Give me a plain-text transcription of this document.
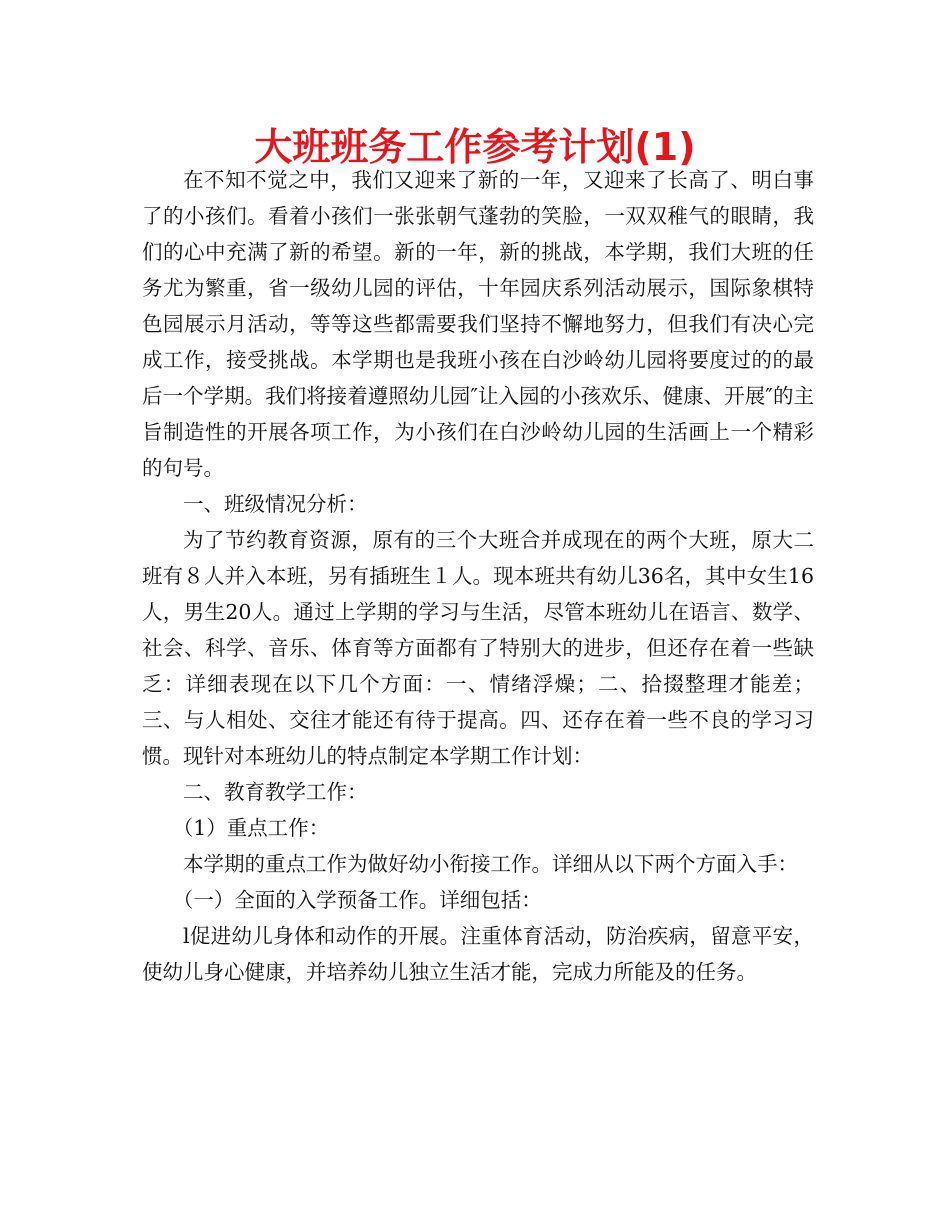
大班班务工作参考计划(1)

在不知不觉之中，我们又迎来了新的一年，又迎来了长高了、明白事了的小孩们。看着小孩们一张张朝气蓬勃的笑脸，一双双稚气的眼睛，我们的心中充满了新的希望。新的一年，新的挑战，本学期，我们大班的任务尤为繁重，省一级幼儿园的评估，十年园庆系列活动展示，国际象棋特色园展示月活动，等等这些都需要我们坚持不懈地努力，但我们有决心完成工作，接受挑战。本学期也是我班小孩在白沙岭幼儿园将要度过的的最后一个学期。我们将接着遵照幼儿园″让入园的小孩欢乐、健康、开展″的主旨制造性的开展各项工作，为小孩们在白沙岭幼儿园的生活画上一个精彩的句号。

一、班级情况分析：

为了节约教育资源，原有的三个大班合并成现在的两个大班，原大二班有８人并入本班，另有插班生１人。现本班共有幼儿36名，其中女生16人，男生20人。通过上学期的学习与生活，尽管本班幼儿在语言、数学、社会、科学、音乐、体育等方面都有了特别大的进步，但还存在着一些缺乏：详细表现在以下几个方面：一、情绪浮燥；二、拾掇整理才能差；三、与人相处、交往才能还有待于提高。四、还存在着一些不良的学习习惯。现针对本班幼儿的特点制定本学期工作计划：

二、教育教学工作：

（1）重点工作：

本学期的重点工作为做好幼小衔接工作。详细从以下两个方面入手：

（一）全面的入学预备工作。详细包括：

l促进幼儿身体和动作的开展。注重体育活动，防治疾病，留意平安，使幼儿身心健康，并培养幼儿独立生活才能，完成力所能及的任务。
